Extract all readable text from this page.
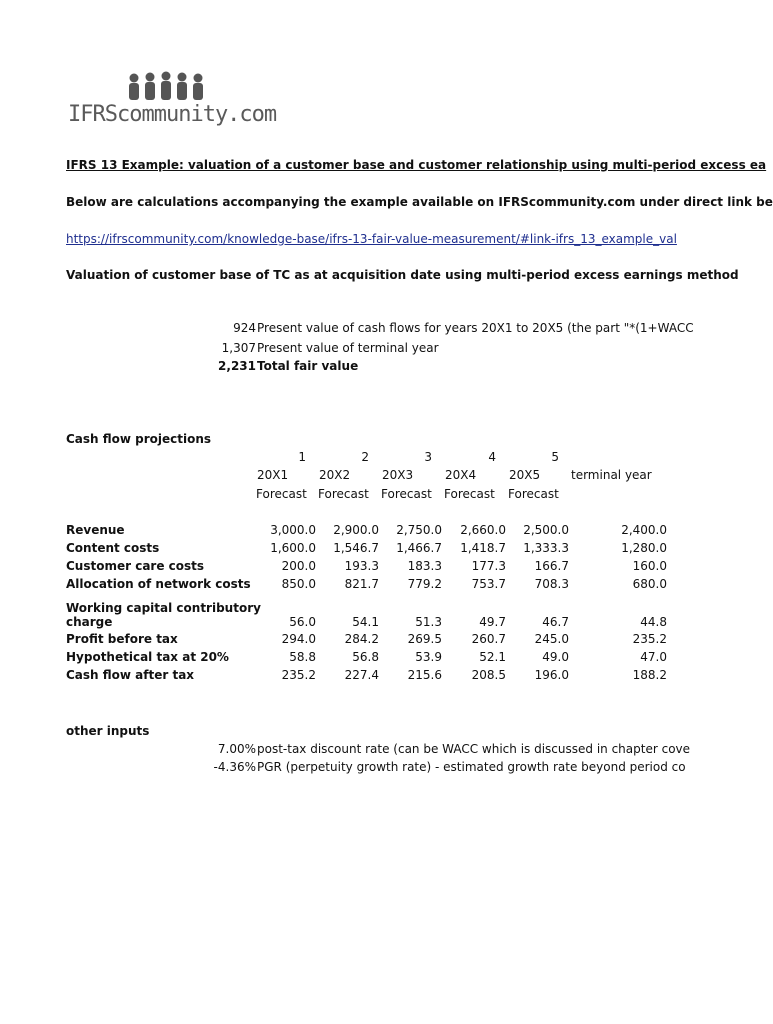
IFRScommunity.com
IFRS 13 Example: valuation of a customer base and customer relationship using multi-period excess ea
Below are calculations accompanying the example available on IFRScommunity.com under direct link be
https://ifrscommunity.com/knowledge-base/ifrs-13-fair-value-measurement/#link-ifrs_13_example_val
Valuation of customer base of TC as at acquisition date using multi-period excess earnings method
924 Present value of cash flows for years 20X1 to 20X5 (the part "*(1+WACC
1,307 Present value of terminal year
2,231 Total fair value
Cash flow projections
1	2	3	4	5
20X1	20X2	20X3	20X4	20X5	terminal year
Forecast Forecast Forecast Forecast Forecast
Revenue	3,000.0	2,900.0	2,750.0	2,660.0	2,500.0	2,400.0
Content costs	1,600.0	1,546.7	1,466.7	1,418.7	1,333.3	1,280.0
Customer care costs	200.0	193.3	183.3	177.3	166.7	160.0
Allocation of network costs	850.0	821.7	779.2	753.7	708.3	680.0
Working capital contributory
charge	56.0	54.1	51.3	49.7	46.7	44.8
Profit before tax	294.0	284.2	269.5	260.7	245.0	235.2
Hypothetical tax at 20%	58.8	56.8	53.9	52.1	49.0	47.0
Cash flow after tax	235.2	227.4	215.6	208.5	196.0	188.2
other inputs
7.00% post-tax discount rate (can be WACC which is discussed in chapter cove
-4.36% PGR (perpetuity growth rate) - estimated growth rate beyond period co
